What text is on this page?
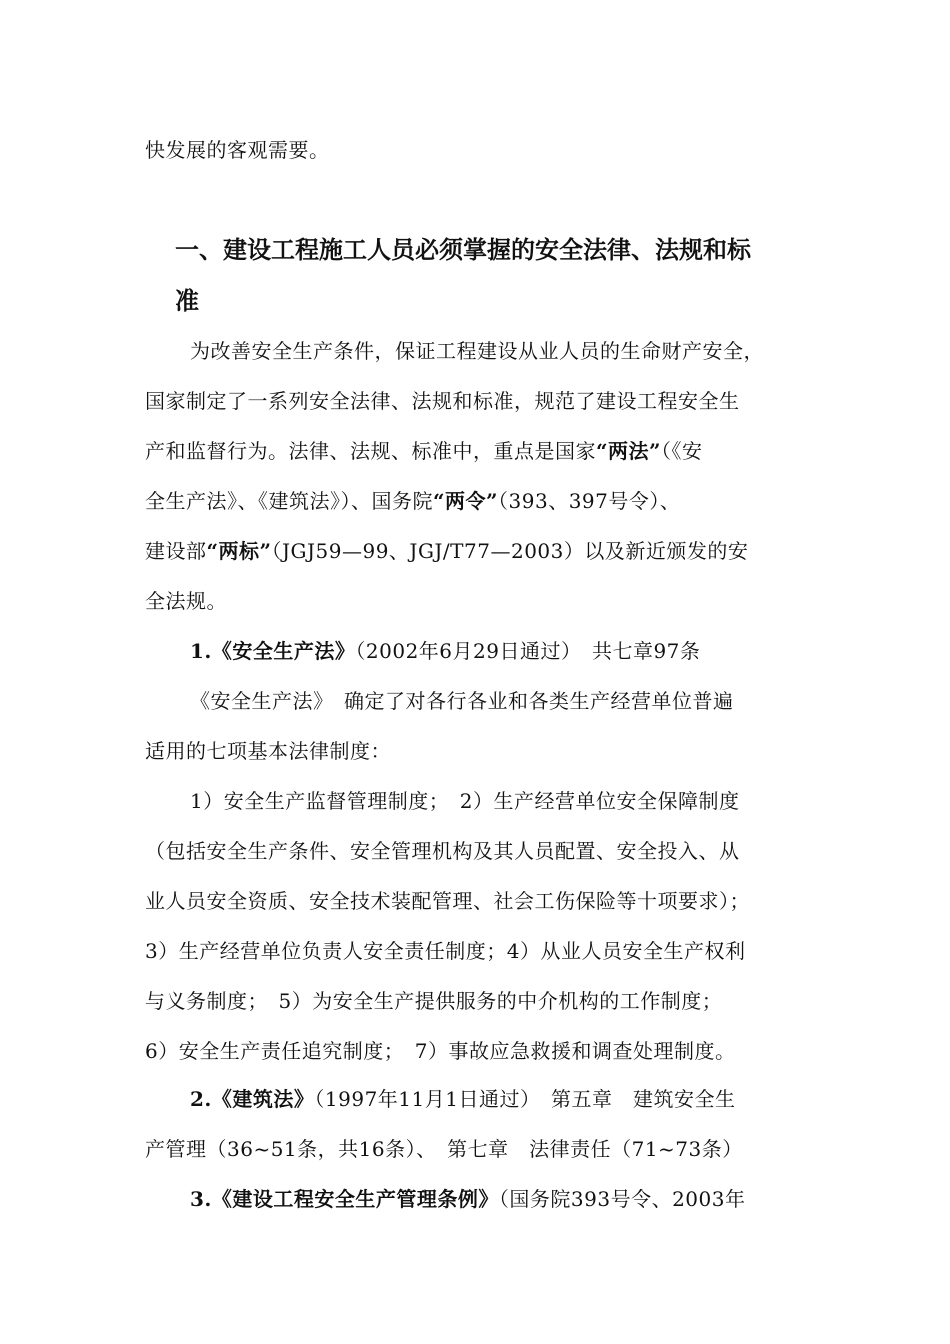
快发展的客观需要。
一、建设工程施工人员必须掌握的安全法律、法规和标
准
为改善安全生产条件，保证工程建设从业人员的生命财产安全，
国家制定了一系列安全法律、法规和标准，规范了建设工程安全生
产和监督行为。法律、法规、标准中，重点是国家“两法”（《安
全生产法》、《建筑法》）、国务院“两令”（393、397号令）、
建设部“两标”（JGJ59—99、JGJ/T77—2003）以及新近颁发的安
全法规。
1.《安全生产法》（2002年6月29日通过）　共七章97条
《安全生产法》　确定了对各行各业和各类生产经营单位普遍
适用的七项基本法律制度：
1）安全生产监督管理制度；　2）生产经营单位安全保障制度
（包括安全生产条件、安全管理机构及其人员配置、安全投入、从
业人员安全资质、安全技术装配管理、社会工伤保险等十项要求）；
3）生产经营单位负责人安全责任制度；4）从业人员安全生产权利
与义务制度；　5）为安全生产提供服务的中介机构的工作制度；
6）安全生产责任追究制度；　7）事故应急救援和调查处理制度。
2.《建筑法》（1997年11月1日通过）　第五章　建筑安全生
产管理（36~51条，共16条）、　第七章　法律责任（71~73条）
3.《建设工程安全生产管理条例》（国务院393号令、2003年
